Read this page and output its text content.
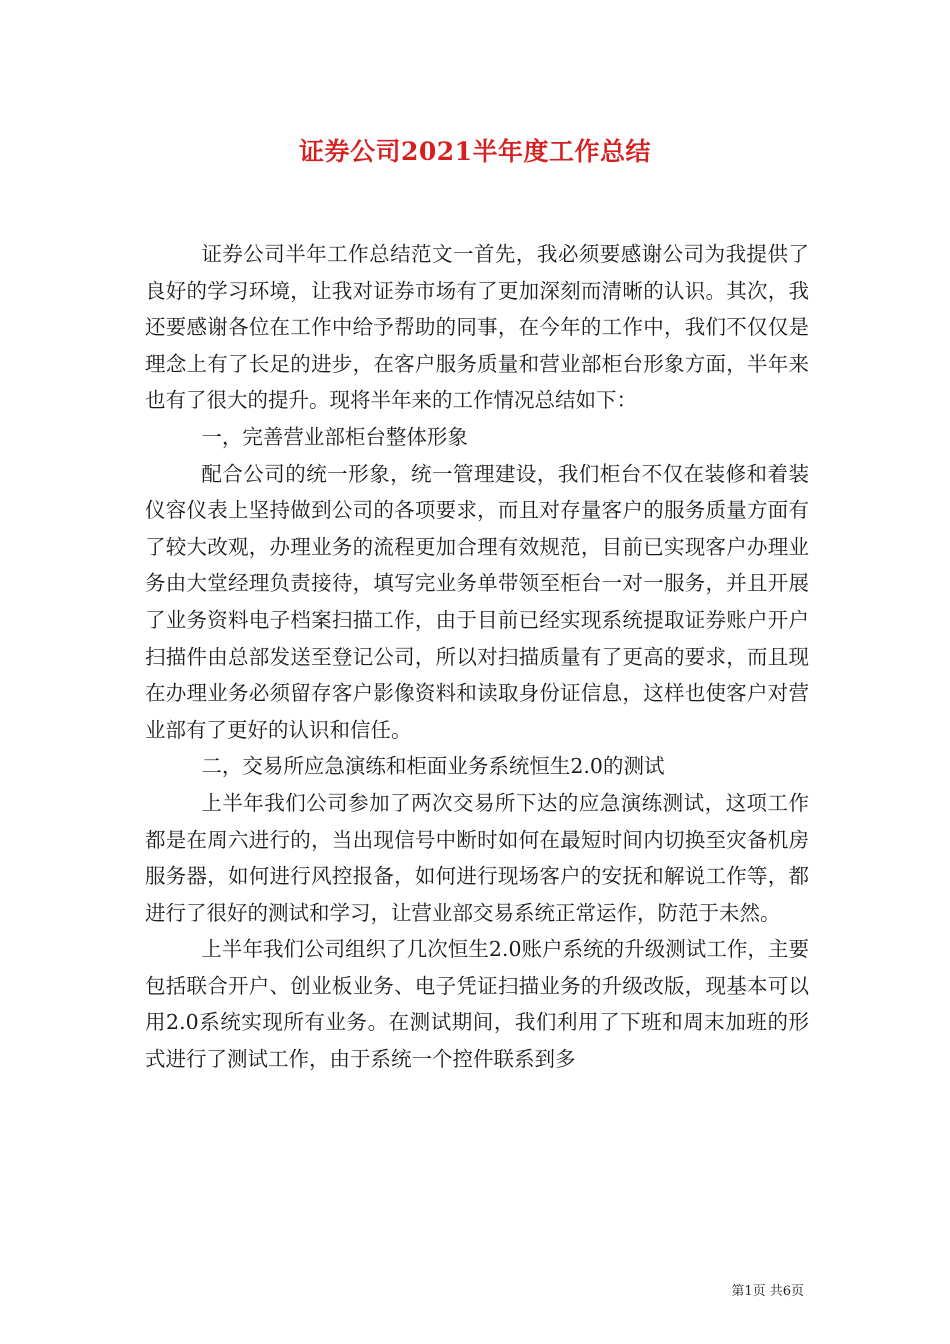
证券公司2021半年度工作总结

证券公司半年工作总结范文一首先，我必须要感谢公司为我提供了良好的学习环境，让我对证券市场有了更加深刻而清晰的认识。其次，我还要感谢各位在工作中给予帮助的同事，在今年的工作中，我们不仅仅是理念上有了长足的进步，在客户服务质量和营业部柜台形象方面，半年来也有了很大的提升。现将半年来的工作情况总结如下：

一，完善营业部柜台整体形象

配合公司的统一形象，统一管理建设，我们柜台不仅在装修和着装仪容仪表上坚持做到公司的各项要求，而且对存量客户的服务质量方面有了较大改观，办理业务的流程更加合理有效规范，目前已实现客户办理业务由大堂经理负责接待，填写完业务单带领至柜台一对一服务，并且开展了业务资料电子档案扫描工作，由于目前已经实现系统提取证券账户开户扫描件由总部发送至登记公司，所以对扫描质量有了更高的要求，而且现在办理业务必须留存客户影像资料和读取身份证信息，这样也使客户对营业部有了更好的认识和信任。

二，交易所应急演练和柜面业务系统恒生2.0的测试

上半年我们公司参加了两次交易所下达的应急演练测试，这项工作都是在周六进行的，当出现信号中断时如何在最短时间内切换至灾备机房服务器，如何进行风控报备，如何进行现场客户的安抚和解说工作等，都进行了很好的测试和学习，让营业部交易系统正常运作，防范于未然。

上半年我们公司组织了几次恒生2.0账户系统的升级测试工作，主要包括联合开户、创业板业务、电子凭证扫描业务的升级改版，现基本可以用2.0系统实现所有业务。在测试期间，我们利用了下班和周末加班的形式进行了测试工作，由于系统一个控件联系到多

第1页 共6页
